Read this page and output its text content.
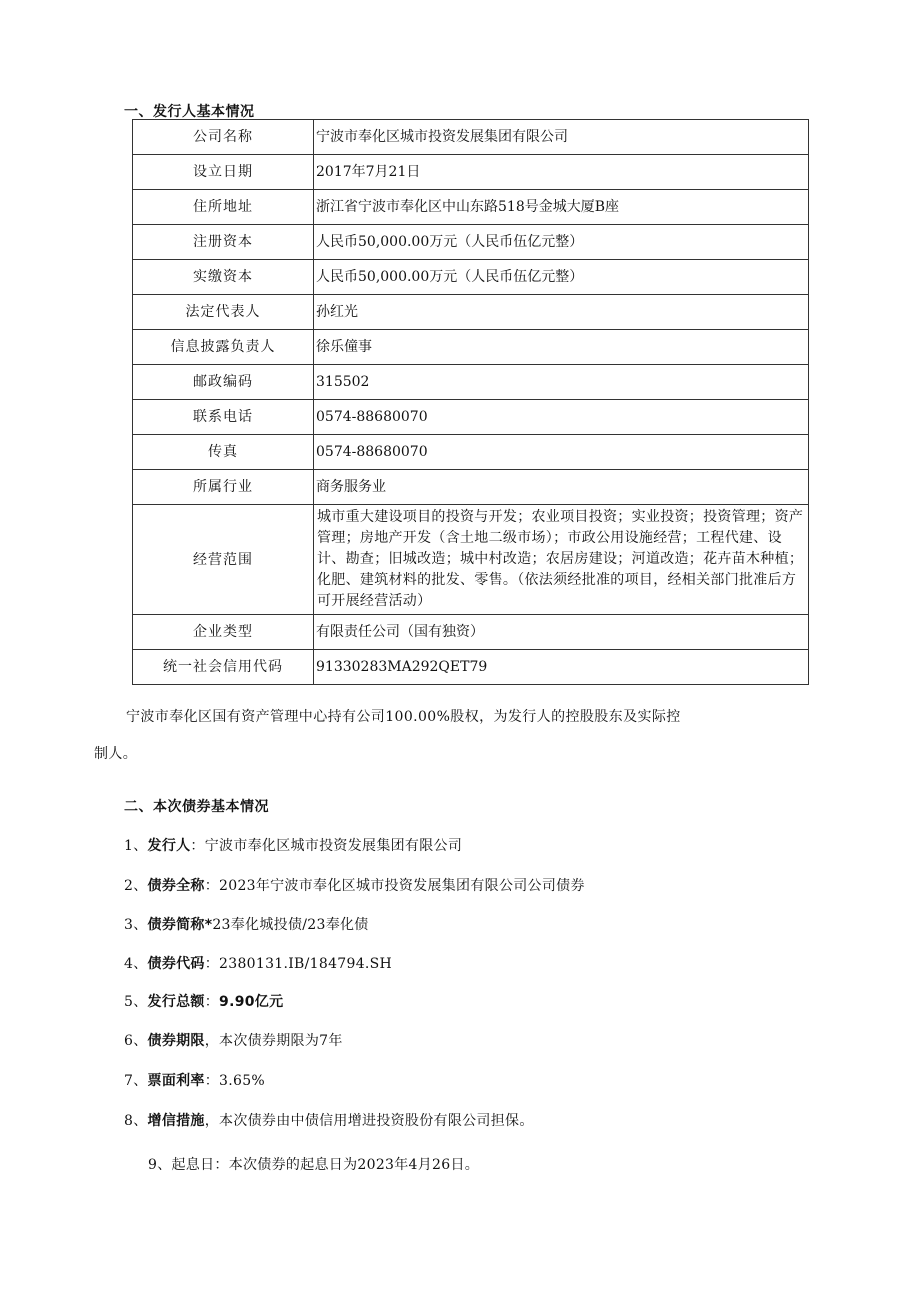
一、发行人基本情况
公司名称	宁波市奉化区城市投资发展集团有限公司
设立日期	2017年7月21日
住所地址	浙江省宁波市奉化区中山东路518号金城大厦B座
注册资本	人民币50,000.00万元（人民币伍亿元整）
实缴资本	人民币50,000.00万元（人民币伍亿元整）
法定代表人	孙红光
信息披露负责人	徐乐僮事
邮政编码	315502
联系电话	0574-88680070
传真	0574-88680070
所属行业	商务服务业
经营范围	城市重大建设项目的投资与开发；农业项目投资；实业投资；投资管理；资产管理；房地产开发（含土地二级市场）；市政公用设施经营；工程代建、设计、勘查；旧城改造；城中村改造；农居房建设；河道改造；花卉苗木种植；化肥、建筑材料的批发、零售。（依法须经批准的项目，经相关部门批准后方可开展经营活动）
企业类型	有限责任公司（国有独资）
统一社会信用代码	91330283MA292QET79
宁波市奉化区国有资产管理中心持有公司100.00%股权，为发行人的控股股东及实际控
制人。
二、本次债券基本情况
1、发行人：宁波市奉化区城市投资发展集团有限公司
2、债券全称：2023年宁波市奉化区城市投资发展集团有限公司公司债券
3、债券简称*23奉化城投债/23奉化债
4、债券代码：2380131.IB/184794.SH
5、发行总额：9.90亿元
6、债券期限，本次债券期限为7年
7、票面利率：3.65%
8、增信措施，本次债券由中债信用增进投资股份有限公司担保。
9、起息日：本次债券的起息日为2023年4月26日。
